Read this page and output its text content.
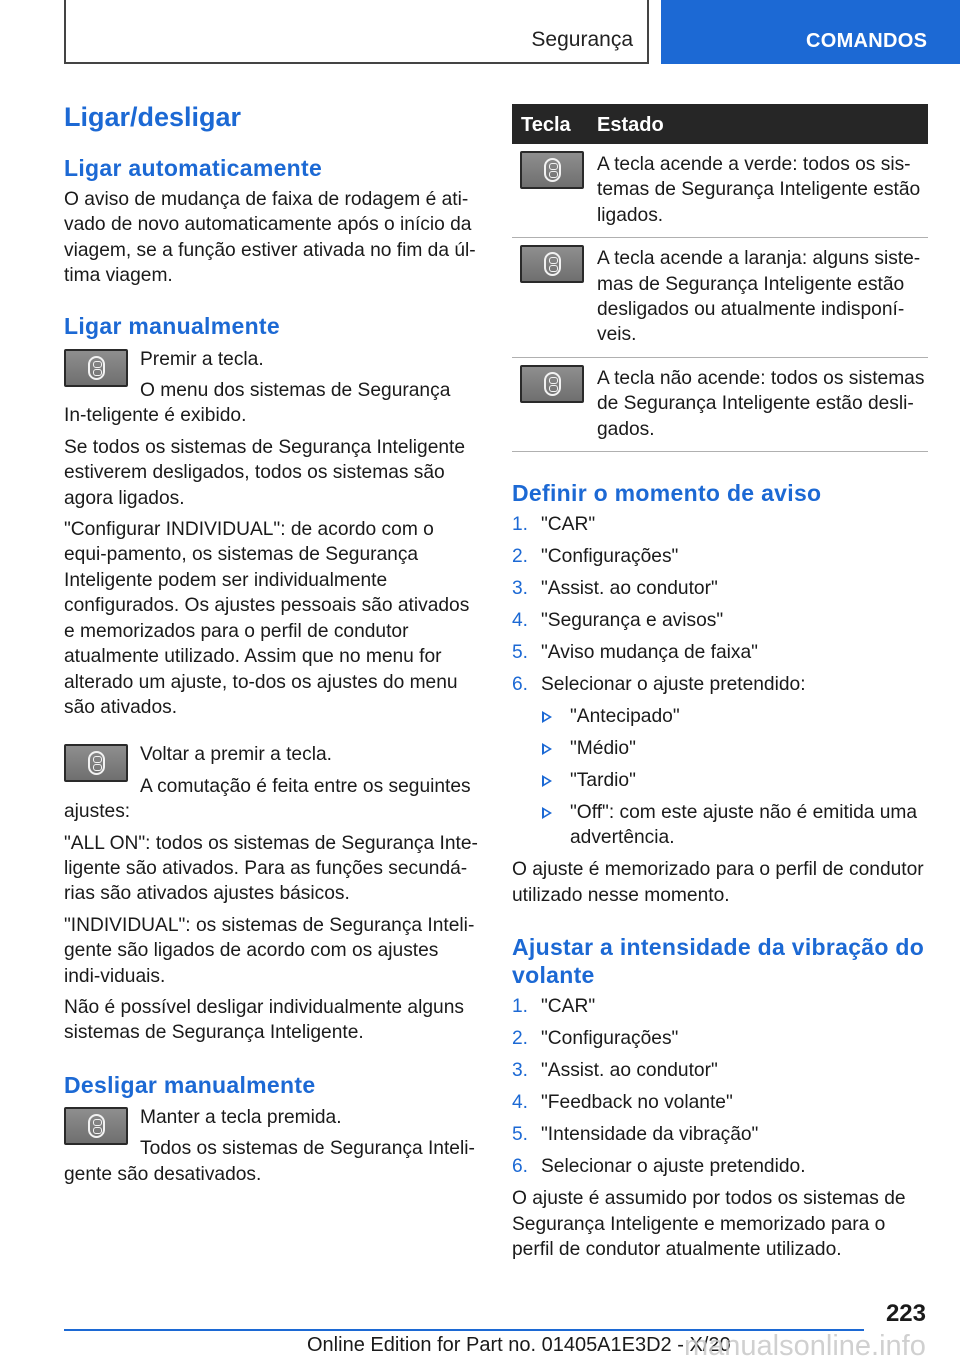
Segurança	COMANDOS
Ligar/desligar
Ligar automaticamente
O aviso de mudança de faixa de rodagem é ati-vado de novo automaticamente após o início da viagem, se a função estiver ativada no fim da úl-tima viagem.
Ligar manualmente
Premir a tecla.
O menu dos sistemas de Segurança In-teligente é exibido.
Se todos os sistemas de Segurança Inteligente estiverem desligados, todos os sistemas são agora ligados.
"Configurar INDIVIDUAL": de acordo com o equi-pamento, os sistemas de Segurança Inteligente podem ser individualmente configurados. Os ajustes pessoais são ativados e memorizados para o perfil de condutor atualmente utilizado. Assim que no menu for alterado um ajuste, to-dos os ajustes do menu são ativados.
Voltar a premir a tecla.
A comutação é feita entre os seguintes ajustes:
"ALL ON": todos os sistemas de Segurança Inte-ligente são ativados. Para as funções secundá-rias são ativados ajustes básicos.
"INDIVIDUAL": os sistemas de Segurança Inteli-gente são ligados de acordo com os ajustes indi-viduais.
Não é possível desligar individualmente alguns sistemas de Segurança Inteligente.
Desligar manualmente
Manter a tecla premida.
Todos os sistemas de Segurança Inteli-gente são desativados.
Tecla Estado
A tecla acende a verde: todos os sis-temas de Segurança Inteligente estão ligados.
A tecla acende a laranja: alguns siste-mas de Segurança Inteligente estão desligados ou atualmente indisponí-veis.
A tecla não acende: todos os sistemas de Segurança Inteligente estão desli-gados.
Definir o momento de aviso
1. "CAR"
2. "Configurações"
3. "Assist. ao condutor"
4. "Segurança e avisos"
5. "Aviso mudança de faixa"
6. Selecionar o ajuste pretendido:
"Antecipado"
"Médio"
"Tardio"
"Off": com este ajuste não é emitida uma advertência.
O ajuste é memorizado para o perfil de condutor utilizado nesse momento.
Ajustar a intensidade da vibração do volante
1. "CAR"
2. "Configurações"
3. "Assist. ao condutor"
4. "Feedback no volante"
5. "Intensidade da vibração"
6. Selecionar o ajuste pretendido.
O ajuste é assumido por todos os sistemas de Segurança Inteligente e memorizado para o perfil de condutor atualmente utilizado.
223
Online Edition for Part no. 01405A1E3D2 - X/20
manualsonline.info
